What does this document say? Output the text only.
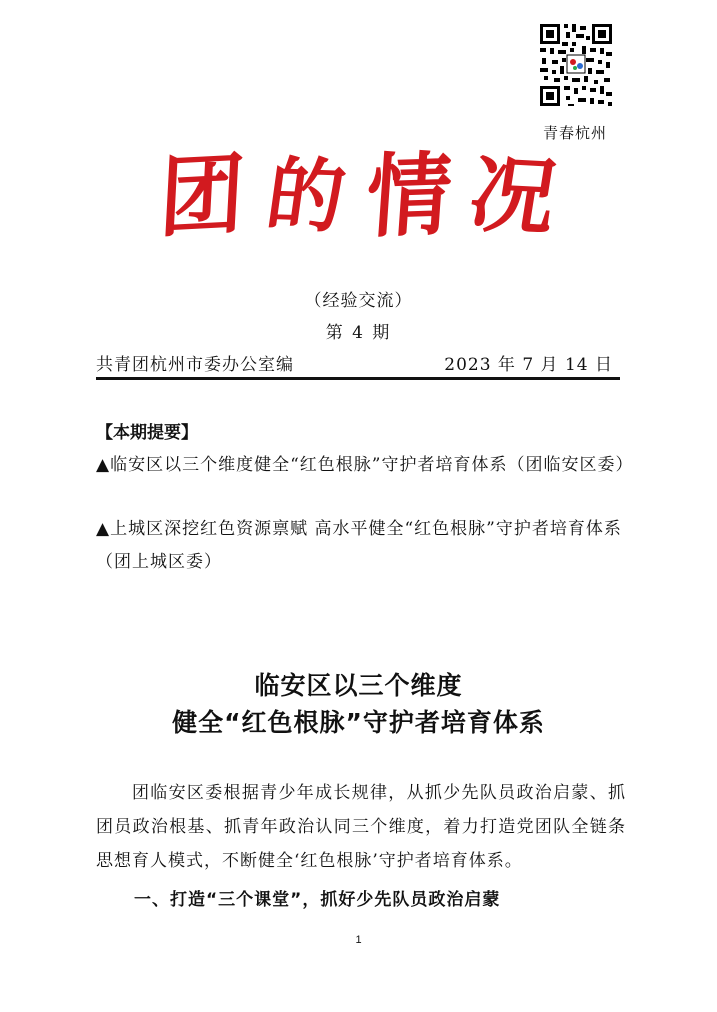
青春杭州
团 的 情 况
（经验交流）
第 4 期
共青团杭州市委办公室编	2023 年 7 月 14 日
【本期提要】
▲临安区以三个维度健全“红色根脉”守护者培育体系（团临安区委）
▲上城区深挖红色资源禀赋 高水平健全“红色根脉”守护者培育体系（团上城区委）
临安区以三个维度
健全“红色根脉”守护者培育体系
团临安区委根据青少年成长规律，从抓少先队员政治启蒙、抓团员政治根基、抓青年政治认同三个维度，着力打造党团队全链条思想育人模式，不断健全‘红色根脉’守护者培育体系。
一、打造“三个课堂”，抓好少先队员政治启蒙
1
